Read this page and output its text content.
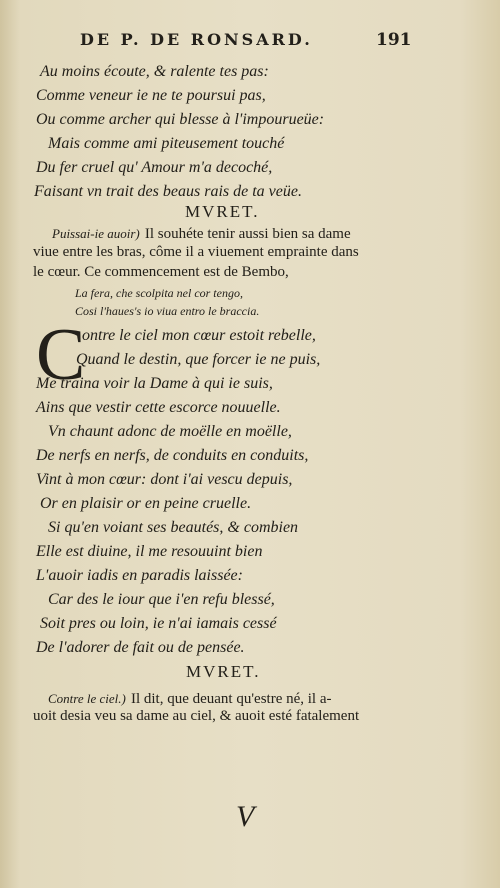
DE P. DE RONSARD.	191
Au moins écoute, & ralente tes pas:
Comme veneur ie ne te poursui pas,
Ou comme archer qui blesse à l'impourueüe:
Mais comme ami piteusement touché
Du fer cruel qu' Amour m'a decoché,
Faisant vn trait des beaus rais de ta veüe.
MVRET.
Puissai-ie auoir) Il souhéte tenir aussi bien sa dame
viue entre les bras, côme il a viuement emprainte dans
le cœur. Ce commencement est de Bembo,
La fera, che scolpita nel cor tengo,
Cosi l'haues's io viua entro le braccia.
C
ontre le ciel mon cœur estoit rebelle,
Quand le destin, que forcer ie ne puis,
Me traina voir la Dame à qui ie suis,
Ains que vestir cette escorce nouuelle.
Vn chaunt adonc de moëlle en moëlle,
De nerfs en nerfs, de conduits en conduits,
Vint à mon cœur: dont i'ai vescu depuis,
Or en plaisir or en peine cruelle.
Si qu'en voiant ses beautés, & combien
Elle est diuine, il me resouuint bien
L'auoir iadis en paradis laissée:
Car des le iour que i'en refu blessé,
Soit pres ou loin, ie n'ai iamais cessé
De l'adorer de fait ou de pensée.
MVRET.
Contre le ciel.) Il dit, que deuant qu'estre né, il a-
uoit desia veu sa dame au ciel, & auoit esté fatalement
V
